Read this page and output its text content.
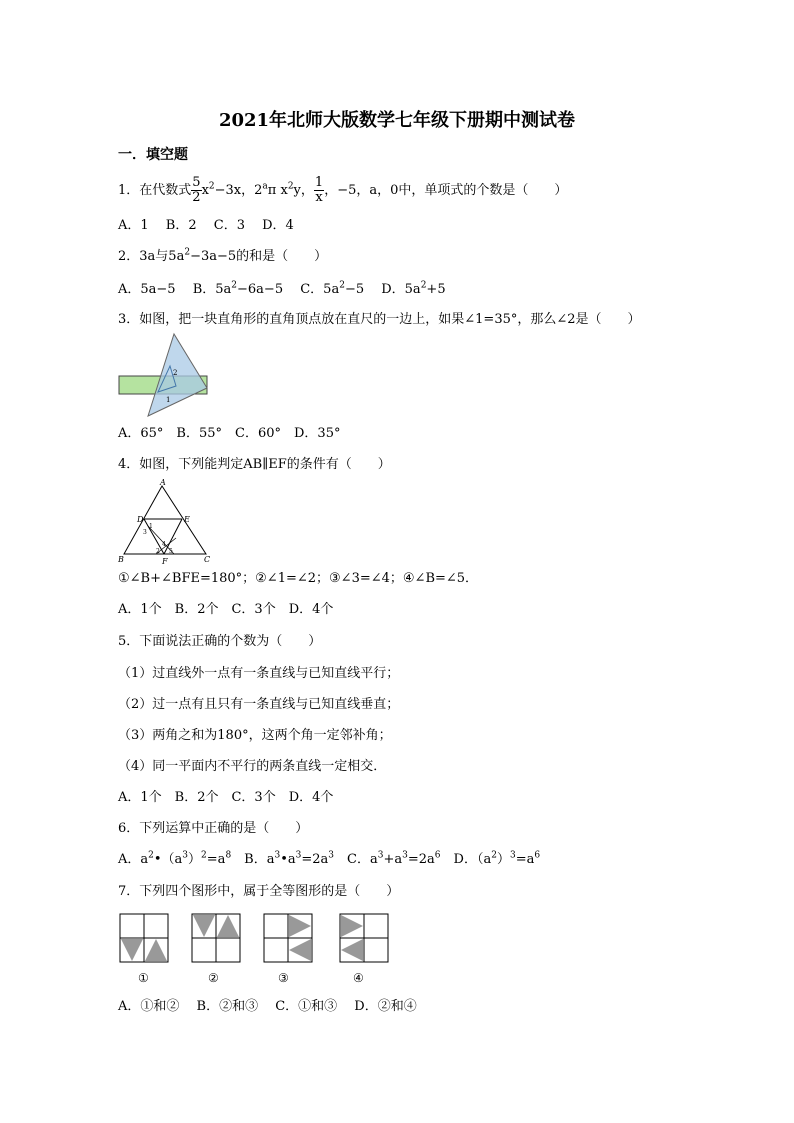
2021年北师大版数学七年级下册期中测试卷
一．填空题
1．在代数式 $\frac{5}{2} x^2-3x$，2$^a$π $x^2y$， $\frac{1}{x}$ ，−5，a，0中，单项式的个数是（　　）
A．1　 B．2　 C．3　 D．4
2．3a与$5a^2-3a-5$的和是（　　）
A．5a−5　 B．$5a^2-6a-5$　 C．$5a^2-5$　 D．$5a^2+5$
3．如图，把一块直角形的直角顶点放在直尺的一边上，如果∠1=35°，那么∠2是（　　）
2
1
A．65°　B．55°　C．60°　D．35°
4．如图，下列能判定AB∥EF的条件有（　　）
A
B	C
D	E
F
1
2
3
4
5
①∠B+∠BFE=180°；②∠1=∠2；③∠3=∠4；④∠B=∠5．
A．1个　B．2个　C．3个　D．4个
5．下面说法正确的个数为（　　）
（1）过直线外一点有一条直线与已知直线平行；
（2）过一点有且只有一条直线与已知直线垂直；
（3）两角之和为180°，这两个角一定邻补角；
（4）同一平面内不平行的两条直线一定相交．
A．1个　B．2个　C．3个　D．4个
6．下列运算中正确的是（　　）
A．$a^2•(a^3)^2=a^8$　B．$a^3•a^3=2a^3$　C．$a^3+a^3=2a^6$　D．$(a^2)^3=a^6$
7．下列四个图形中，属于全等图形的是（　　）
①	②	③	④
A．①和②　 B．②和③　 C．①和③　 D．②和④
